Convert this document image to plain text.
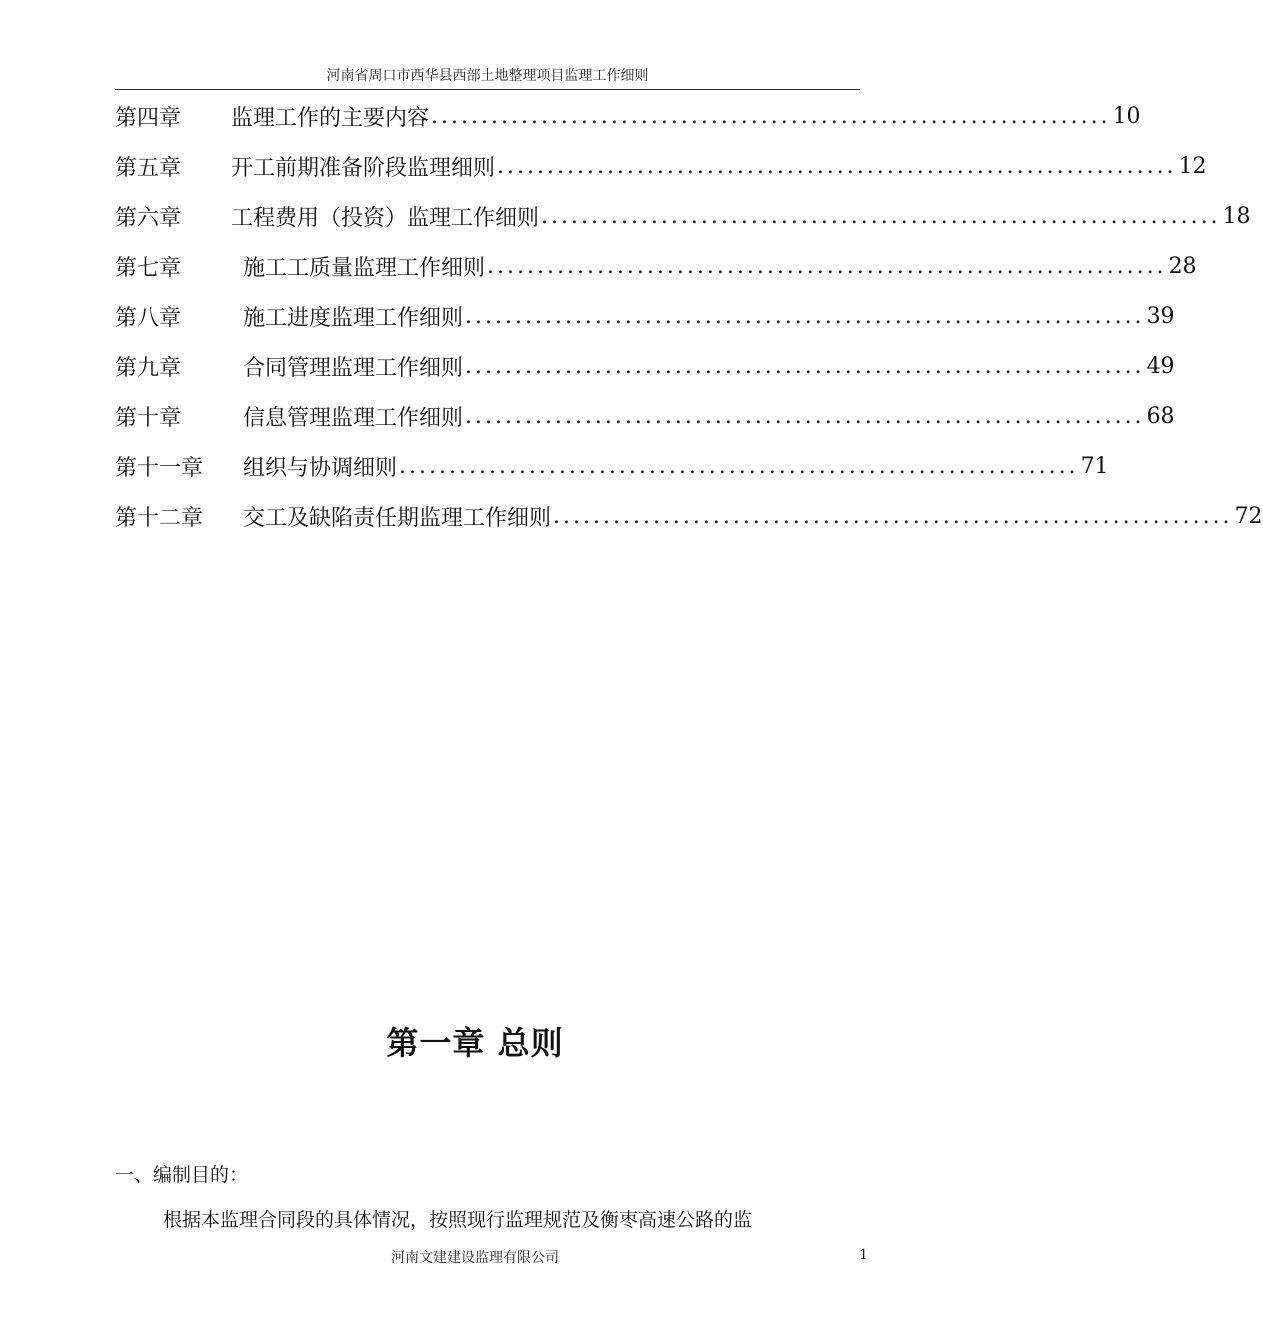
河南省周口市西华县西部土地整理项目监理工作细则
第四章	监理工作的主要内容 .................................................................... 10
第五章	开工前期准备阶段监理细则 .................................................................... 12
第六章	工程费用（投资）监理工作细则 .................................................................... 18
第七章	施工工质量监理工作细则 .................................................................... 28
第八章	施工进度监理工作细则 .................................................................... 39
第九章	合同管理监理工作细则 .................................................................... 49
第十章	信息管理监理工作细则 .................................................................... 68
第十一章	组织与协调细则 .................................................................... 71
第十二章	交工及缺陷责任期监理工作细则 .................................................................... 72
第一章 总则
一、编制目的：
根据本监理合同段的具体情况，按照现行监理规范及衡枣高速公路的监
河南文建建设监理有限公司	1
